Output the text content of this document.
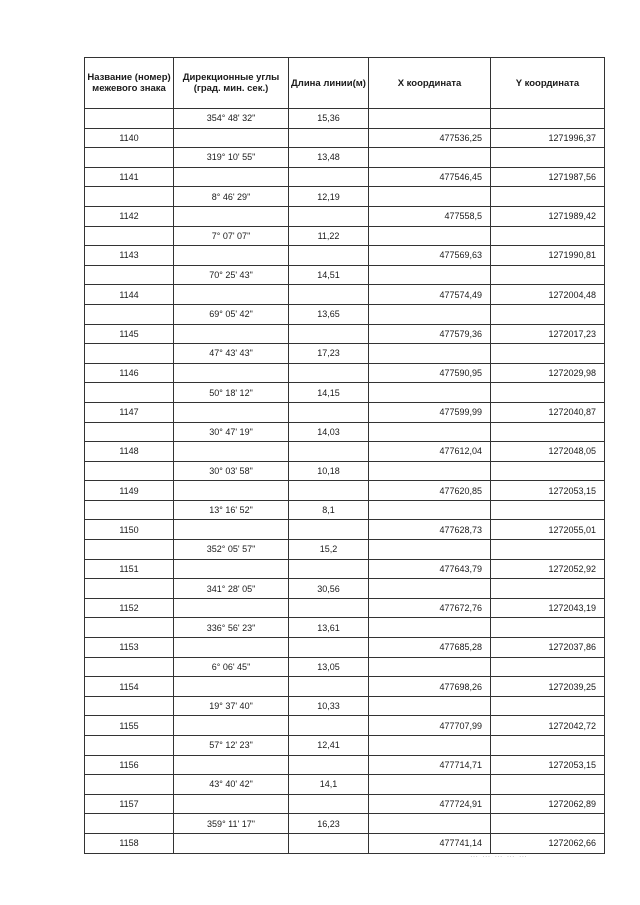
Название (номер) межевого знака	Дирекционные углы (град. мин. сек.)	Длина линии(м)	X координата	Y координата
	354° 48' 32"	15,36		
1140			477536,25	1271996,37
	319° 10' 55"	13,48		
1141			477546,45	1271987,56
	8° 46' 29"	12,19		
1142			477558,5	1271989,42
	7° 07' 07"	11,22		
1143			477569,63	1271990,81
	70° 25' 43"	14,51		
1144			477574,49	1272004,48
	69° 05' 42"	13,65		
1145			477579,36	1272017,23
	47° 43' 43"	17,23		
1146			477590,95	1272029,98
	50° 18' 12"	14,15		
1147			477599,99	1272040,87
	30° 47' 19"	14,03		
1148			477612,04	1272048,05
	30° 03' 58"	10,18		
1149			477620,85	1272053,15
	13° 16' 52"	8,1		
1150			477628,73	1272055,01
	352° 05' 57"	15,2		
1151			477643,79	1272052,92
	341° 28' 05"	30,56		
1152			477672,76	1272043,19
	336° 56' 23"	13,61		
1153			477685,28	1272037,86
	6° 06' 45"	13,05		
1154			477698,26	1272039,25
	19° 37' 40"	10,33		
1155			477707,99	1272042,72
	57° 12' 23"	12,41		
1156			477714,71	1272053,15
	43° 40' 42"	14,1		
1157			477724,91	1272062,89
	359° 11' 17"	16,23		
1158			477741,14	1272062,66
⋯ ⋯ ⋯ ⋯ ⋯
